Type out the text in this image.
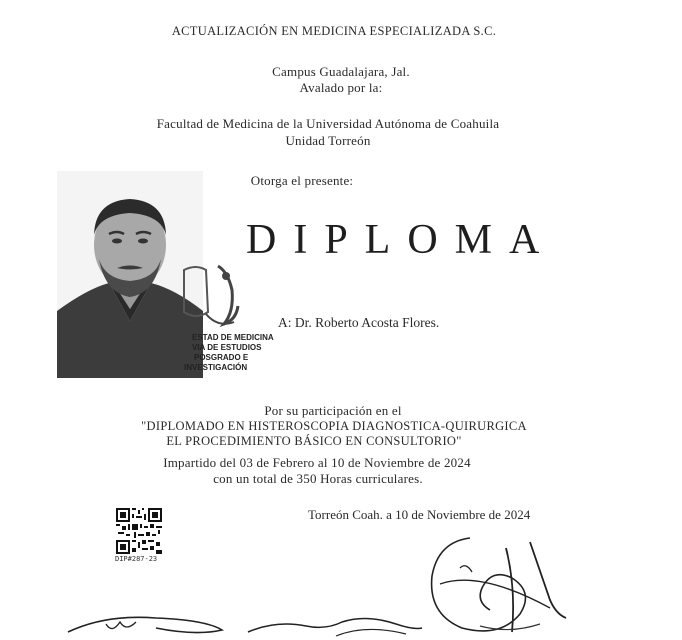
ACTUALIZACIÓN EN MEDICINA ESPECIALIZADA S.C.
Campus Guadalajara, Jal.
Avalado por la:
Facultad de Medicina de la Universidad Autónoma de Coahuila
Unidad Torreón
Otorga el presente:
DIPLOMA
A: Dr. Roberto Acosta Flores.
ESTAD DE MEDICINA
VIA DE ESTUDIOS
POSGRADO E
INVESTIGACIÓN
Por su participación en el
"DIPLOMADO EN HISTEROSCOPIA DIAGNOSTICA-QUIRURGICA
EL PROCEDIMIENTO BÁSICO EN CONSULTORIO"
Impartido del 03 de Febrero al 10 de Noviembre de 2024
con un total de 350 Horas curriculares.
Torreón Coah. a 10 de Noviembre de 2024
DIP#287-23
